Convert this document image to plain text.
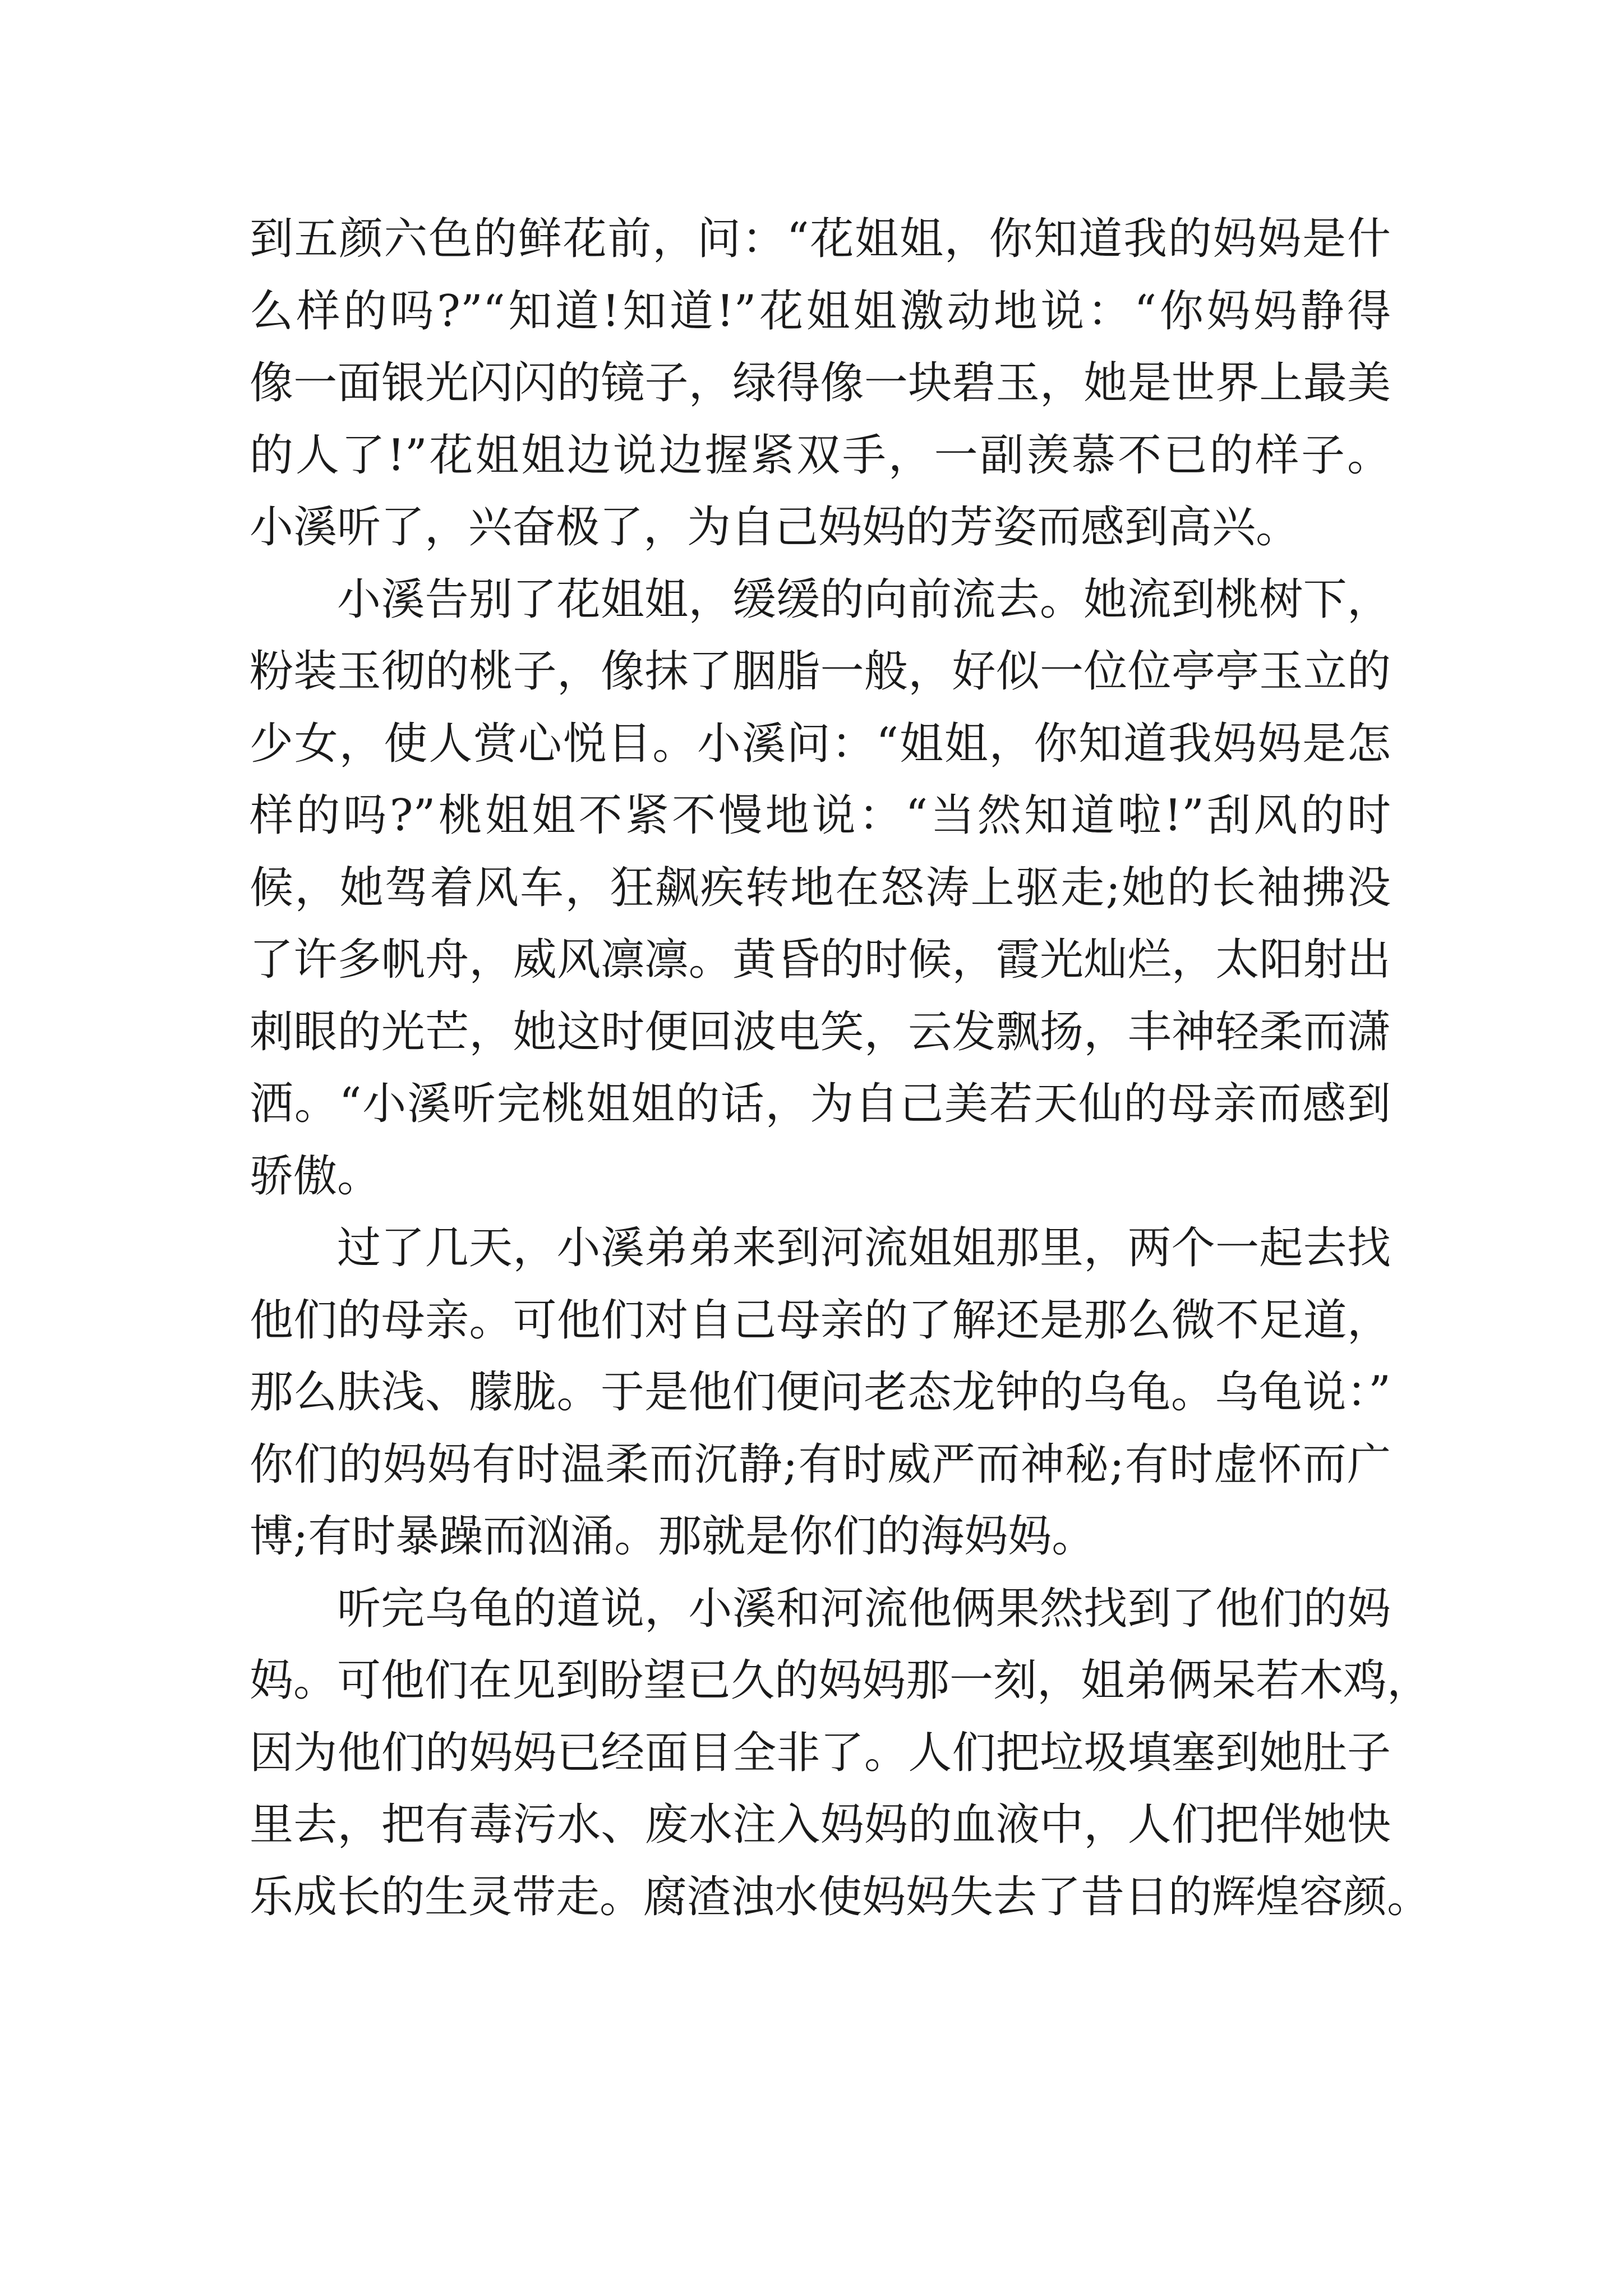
到五颜六色的鲜花前，问：“花姐姐，你知道我的妈妈是什
么样的吗?”“知道!知道!”花姐姐激动地说：“你妈妈静得
像一面银光闪闪的镜子，绿得像一块碧玉，她是世界上最美
的人了!”花姐姐边说边握紧双手，一副羡慕不已的样子。
小溪听了，兴奋极了，为自己妈妈的芳姿而感到高兴。
小溪告别了花姐姐，缓缓的向前流去。她流到桃树下，
粉装玉彻的桃子，像抹了胭脂一般，好似一位位亭亭玉立的
少女，使人赏心悦目。小溪问：“姐姐，你知道我妈妈是怎
样的吗?”桃姐姐不紧不慢地说：“当然知道啦!”刮风的时
候，她驾着风车，狂飙疾转地在怒涛上驱走;她的长袖拂没
了许多帆舟，威风凛凛。黄昏的时候，霞光灿烂，太阳射出
刺眼的光芒，她这时便回波电笑，云发飘扬，丰神轻柔而潇
洒。“小溪听完桃姐姐的话，为自己美若天仙的母亲而感到
骄傲。
过了几天，小溪弟弟来到河流姐姐那里，两个一起去找
他们的母亲。可他们对自己母亲的了解还是那么微不足道，
那么肤浅、朦胧。于是他们便问老态龙钟的乌龟。乌龟说：”
你们的妈妈有时温柔而沉静;有时威严而神秘;有时虚怀而广
博;有时暴躁而汹涌。那就是你们的海妈妈。
听完乌龟的道说，小溪和河流他俩果然找到了他们的妈
妈。可他们在见到盼望已久的妈妈那一刻，姐弟俩呆若木鸡，
因为他们的妈妈已经面目全非了。人们把垃圾填塞到她肚子
里去，把有毒污水、废水注入妈妈的血液中，人们把伴她快
乐成长的生灵带走。腐渣浊水使妈妈失去了昔日的辉煌容颜。
